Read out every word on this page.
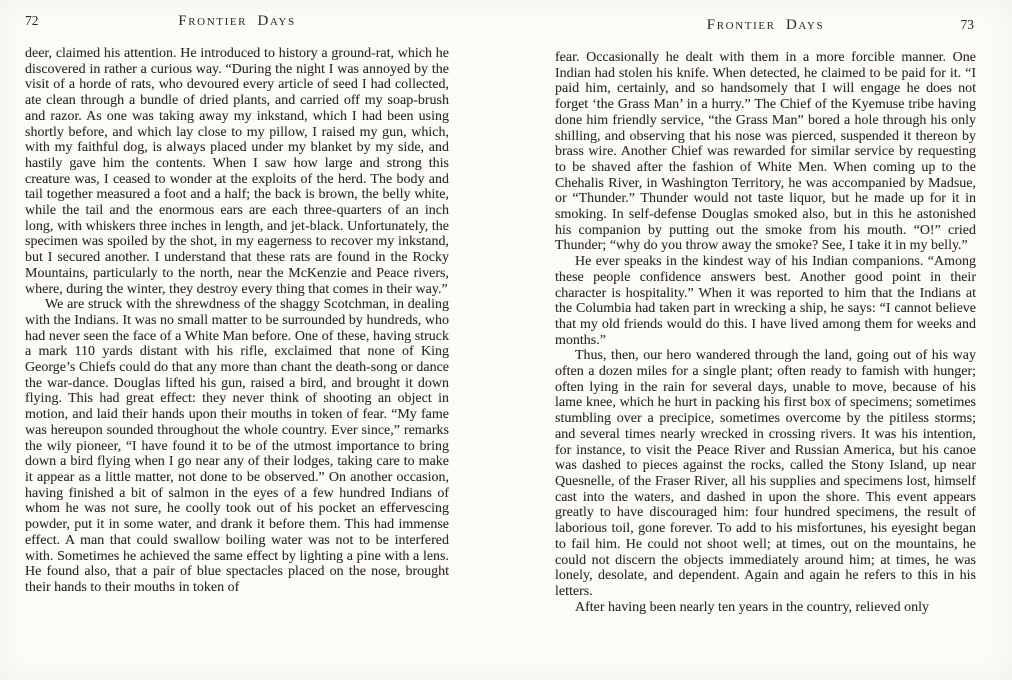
72	Frontier Days

deer, claimed his attention. He introduced to history a ground-rat, which he discovered in rather a curious way. “During the night I was annoyed by the visit of a horde of rats, who devoured every article of seed I had collected, ate clean through a bundle of dried plants, and carried off my soap-brush and razor. As one was taking away my inkstand, which I had been using shortly before, and which lay close to my pillow, I raised my gun, which, with my faithful dog, is always placed under my blanket by my side, and hastily gave him the contents. When I saw how large and strong this creature was, I ceased to wonder at the exploits of the herd. The body and tail together measured a foot and a half; the back is brown, the belly white, while the tail and the enormous ears are each three-quarters of an inch long, with whiskers three inches in length, and jet-black. Unfortunately, the specimen was spoiled by the shot, in my eagerness to recover my inkstand, but I secured another. I understand that these rats are found in the Rocky Mountains, particularly to the north, near the McKenzie and Peace rivers, where, during the winter, they destroy every thing that comes in their way.”

We are struck with the shrewdness of the shaggy Scotchman, in dealing with the Indians. It was no small matter to be surrounded by hundreds, who had never seen the face of a White Man before. One of these, having struck a mark 110 yards distant with his rifle, exclaimed that none of King George’s Chiefs could do that any more than chant the death-song or dance the war-dance. Douglas lifted his gun, raised a bird, and brought it down flying. This had great effect: they never think of shooting an object in motion, and laid their hands upon their mouths in token of fear. “My fame was hereupon sounded throughout the whole country. Ever since,” remarks the wily pioneer, “I have found it to be of the utmost importance to bring down a bird flying when I go near any of their lodges, taking care to make it appear as a little matter, not done to be observed.” On another occasion, having finished a bit of salmon in the eyes of a few hundred Indians of whom he was not sure, he coolly took out of his pocket an effervescing powder, put it in some water, and drank it before them. This had immense effect. A man that could swallow boiling water was not to be interfered with. Sometimes he achieved the same effect by lighting a pine with a lens. He found also, that a pair of blue spectacles placed on the nose, brought their hands to their mouths in token of

Frontier Days	73

fear. Occasionally he dealt with them in a more forcible manner. One Indian had stolen his knife. When detected, he claimed to be paid for it. “I paid him, certainly, and so handsomely that I will engage he does not forget ‘the Grass Man’ in a hurry.” The Chief of the Kyemuse tribe having done him friendly service, “the Grass Man” bored a hole through his only shilling, and observing that his nose was pierced, suspended it thereon by brass wire. Another Chief was rewarded for similar service by requesting to be shaved after the fashion of White Men. When coming up to the Chehalis River, in Washington Territory, he was accompanied by Madsue, or “Thunder.” Thunder would not taste liquor, but he made up for it in smoking. In self-defense Douglas smoked also, but in this he astonished his companion by putting out the smoke from his mouth. “O!” cried Thunder; “why do you throw away the smoke? See, I take it in my belly.”

He ever speaks in the kindest way of his Indian companions. “Among these people confidence answers best. Another good point in their character is hospitality.” When it was reported to him that the Indians at the Columbia had taken part in wrecking a ship, he says: “I cannot believe that my old friends would do this. I have lived among them for weeks and months.”

Thus, then, our hero wandered through the land, going out of his way often a dozen miles for a single plant; often ready to famish with hunger; often lying in the rain for several days, unable to move, because of his lame knee, which he hurt in packing his first box of specimens; sometimes stumbling over a precipice, sometimes overcome by the pitiless storms; and several times nearly wrecked in crossing rivers. It was his intention, for instance, to visit the Peace River and Russian America, but his canoe was dashed to pieces against the rocks, called the Stony Island, up near Quesnelle, of the Fraser River, all his supplies and specimens lost, himself cast into the waters, and dashed in upon the shore. This event appears greatly to have discouraged him: four hundred specimens, the result of laborious toil, gone forever. To add to his misfortunes, his eyesight began to fail him. He could not shoot well; at times, out on the mountains, he could not discern the objects immediately around him; at times, he was lonely, desolate, and dependent. Again and again he refers to this in his letters.

After having been nearly ten years in the country, relieved only
